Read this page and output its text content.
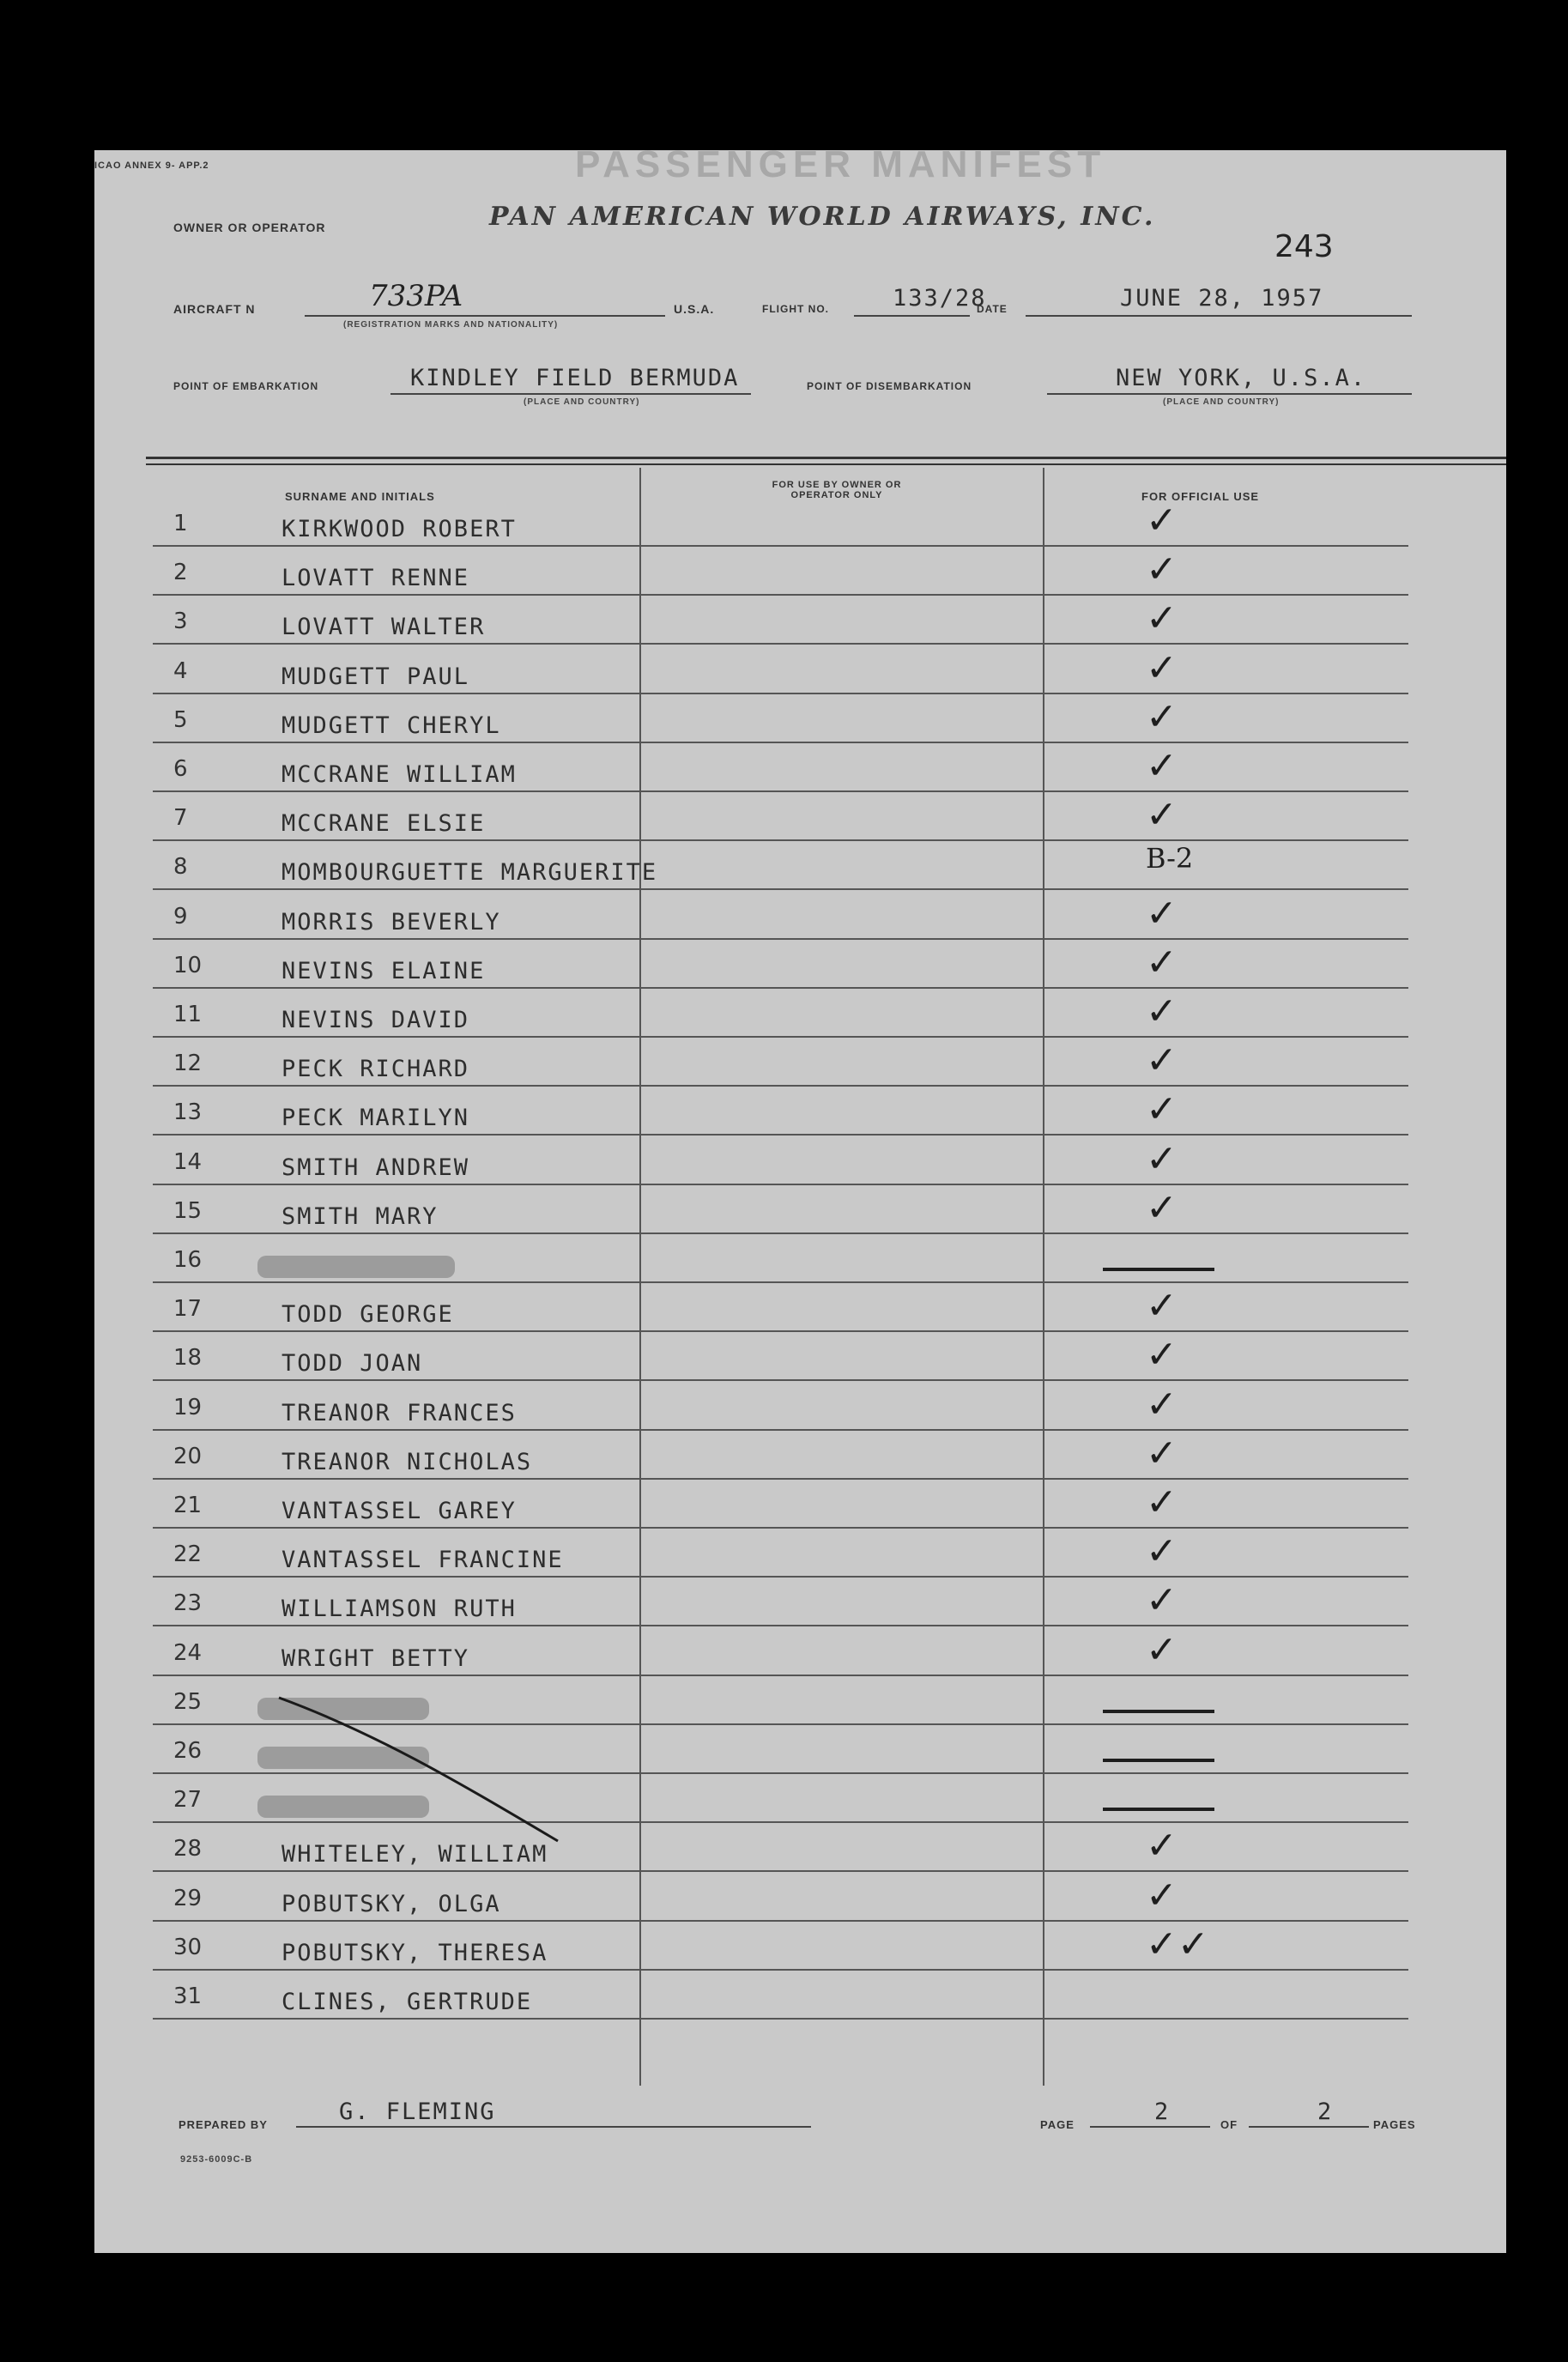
ICAO ANNEX 9- APP.2	PASSENGER MANIFEST
OWNER OR OPERATOR	PAN AMERICAN WORLD AIRWAYS, INC.
243
AIRCRAFT N	733PA
(REGISTRATION MARKS AND NATIONALITY)
U.S.A.	FLIGHT NO.	133/28
DATE	JUNE 28, 1957
POINT OF EMBARKATION	KINDLEY FIELD BERMUDA
(PLACE AND COUNTRY)
POINT OF DISEMBARKATION	NEW YORK, U.S.A.
(PLACE AND COUNTRY)
SURNAME AND INITIALS
FOR USE BY OWNER OR OPERATOR ONLY	FOR OFFICIAL USE
1	KIRKWOOD ROBERT	✓
2	LOVATT RENNE	✓
3	LOVATT WALTER	✓
4	MUDGETT PAUL	✓
5	MUDGETT CHERYL	✓
6	MCCRANE WILLIAM	✓
7	MCCRANE ELSIE	✓
8	MOMBOURGUETTE MARGUERITE	B-2
9	MORRIS BEVERLY	✓
10	NEVINS ELAINE	✓
11	NEVINS DAVID	✓
12	PECK RICHARD	✓
13	PECK MARILYN	✓
14	SMITH ANDREW	✓
15	SMITH MARY	✓
16
17	TODD GEORGE	✓
18	TODD JOAN	✓
19	TREANOR FRANCES	✓
20	TREANOR NICHOLAS	✓
21	VANTASSEL GAREY	✓
22	VANTASSEL FRANCINE	✓
23	WILLIAMSON RUTH	✓
24	WRIGHT BETTY	✓
25
26
27
28	WHITELEY, WILLIAM	✓
29	POBUTSKY, OLGA	✓
30	POBUTSKY, THERESA	✓✓
31	CLINES, GERTRUDE
PREPARED BY	G. FLEMING	PAGE	2	OF	2	PAGES
9253-6009C-B
